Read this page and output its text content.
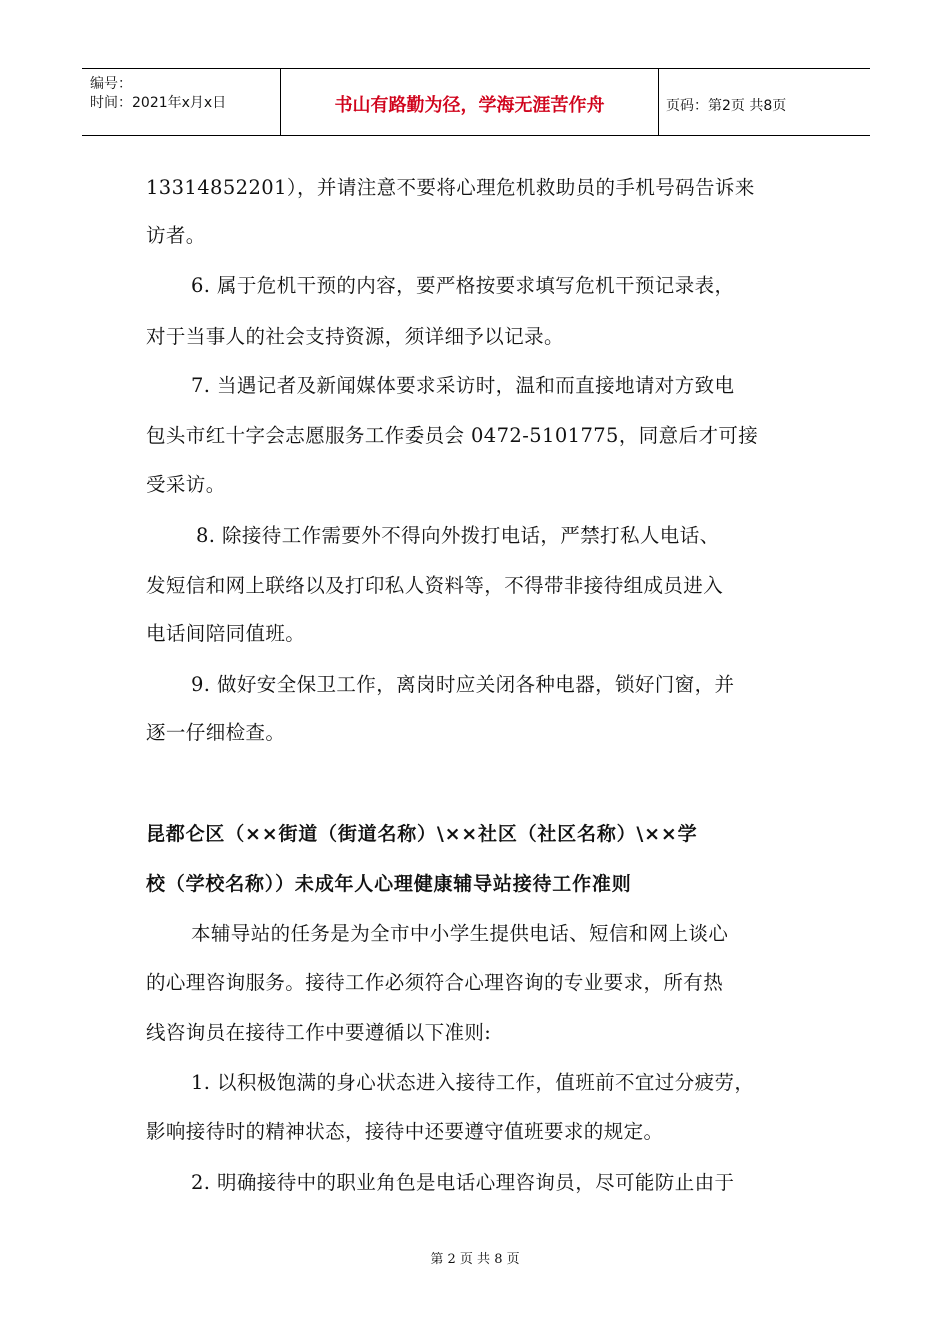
编号：
时间：2021年x月x日	书山有路勤为径，学海无涯苦作舟	页码：第2页 共8页
13314852201），并请注意不要将心理危机救助员的手机号码告诉来
访者。
6. 属于危机干预的内容，要严格按要求填写危机干预记录表，
对于当事人的社会支持资源，须详细予以记录。
7. 当遇记者及新闻媒体要求采访时，温和而直接地请对方致电
包头市红十字会志愿服务工作委员会 0472-5101775，同意后才可接
受采访。
8. 除接待工作需要外不得向外拨打电话，严禁打私人电话、
发短信和网上联络以及打印私人资料等，不得带非接待组成员进入
电话间陪同值班。
9. 做好安全保卫工作，离岗时应关闭各种电器，锁好门窗，并
逐一仔细检查。
昆都仑区（××街道（街道名称）\××社区（社区名称）\××学
校（学校名称））未成年人心理健康辅导站接待工作准则
本辅导站的任务是为全市中小学生提供电话、短信和网上谈心
的心理咨询服务。接待工作必须符合心理咨询的专业要求，所有热
线咨询员在接待工作中要遵循以下准则:
1. 以积极饱满的身心状态进入接待工作，值班前不宜过分疲劳，
影响接待时的精神状态，接待中还要遵守值班要求的规定。
2. 明确接待中的职业角色是电话心理咨询员，尽可能防止由于
第 2 页 共 8 页
